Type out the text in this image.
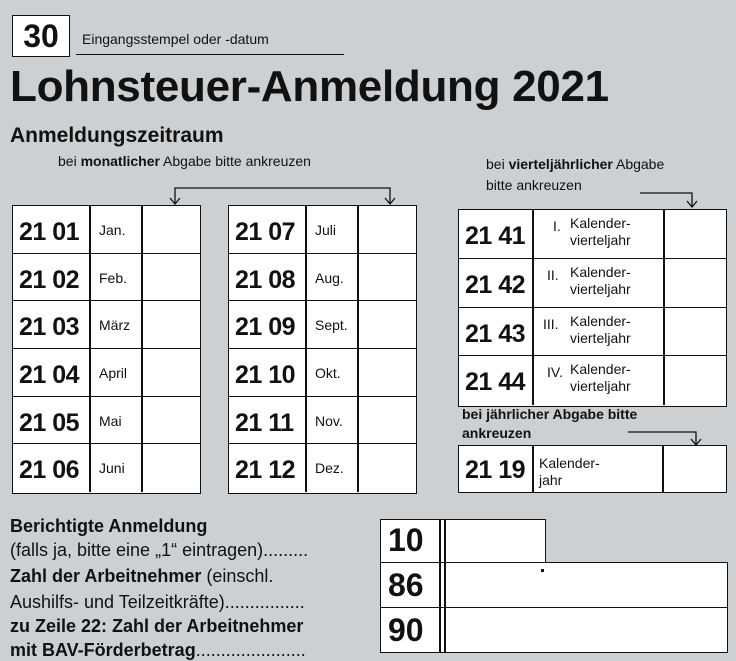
30	Eingangsstempel oder -datum
Lohnsteuer-Anmeldung 2021
Anmeldungszeitraum
bei monatlicher Abgabe bitte ankreuzen
21 01 Jan.
21 02 Feb.
21 03 März
21 04 April
21 05 Mai
21 06 Juni
21 07 Juli
21 08 Aug.
21 09 Sept.
21 10 Okt.
21 11 Nov.
21 12 Dez.
bei vierteljährlicher Abgabe
bitte ankreuzen
21 41 I. Kalender-
vierteljahr
21 42 II. Kalender-
vierteljahr
21 43 III. Kalender-
vierteljahr
21 44 IV. Kalender-
vierteljahr
bei jährlicher Abgabe bitte
ankreuzen
21 19 Kalender-
jahr
Berichtigte Anmeldung
(falls ja, bitte eine „1“ eintragen).........
Zahl der Arbeitnehmer (einschl.
Aushilfs- und Teilzeitkräfte)................
zu Zeile 22: Zahl der Arbeitnehmer
mit BAV-Förderbetrag......................
10
86
90
